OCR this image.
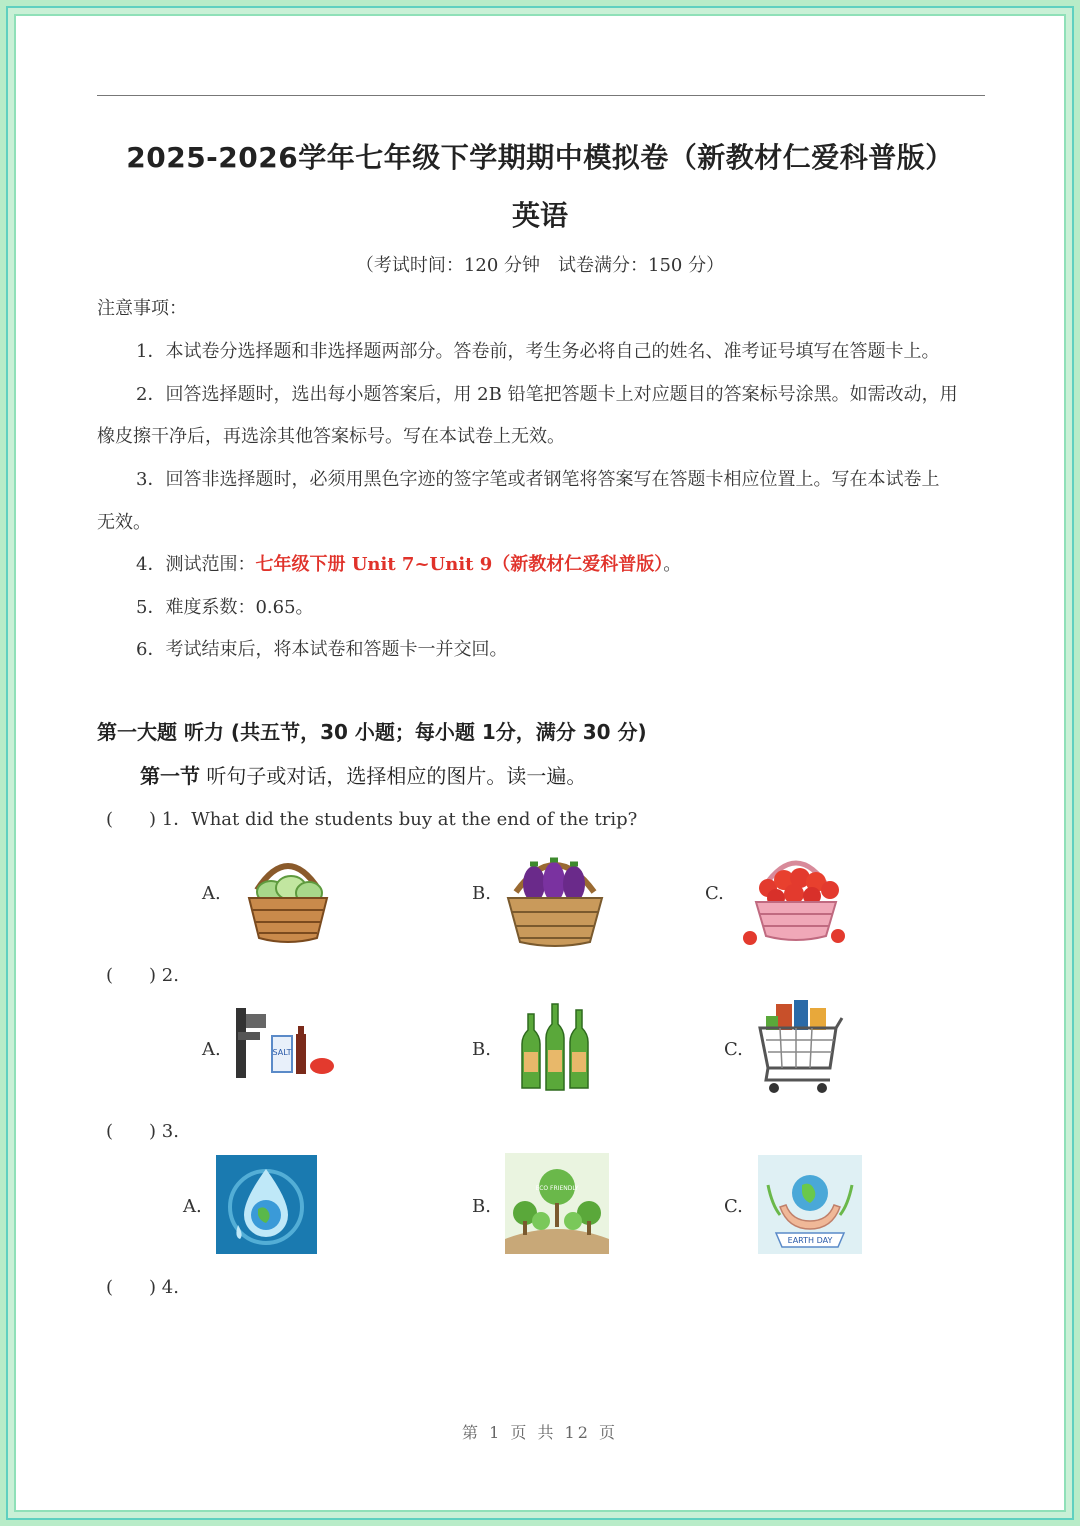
2025-2026学年七年级下学期期中模拟卷（新教材仁爱科普版）
英语
（考试时间：120 分钟　试卷满分：150 分）
注意事项：
1．本试卷分选择题和非选择题两部分。答卷前，考生务必将自己的姓名、准考证号填写在答题卡上。
2．回答选择题时，选出每小题答案后，用 2B 铅笔把答题卡上对应题目的答案标号涂黑。如需改动，用
橡皮擦干净后，再选涂其他答案标号。写在本试卷上无效。
3．回答非选择题时，必须用黑色字迹的签字笔或者钢笔将答案写在答题卡相应位置上。写在本试卷上
无效。
4．测试范围：七年级下册 Unit 7~Unit 9（新教材仁爱科普版）。
5．难度系数：0.65。
6．考试结束后，将本试卷和答题卡一并交回。
第一大题 听力 (共五节，30 小题；每小题 1分，满分 30 分)
第一节 听句子或对话，选择相应的图片。读一遍。
(　　) 1．What did the students buy at the end of the trip?
A.	B.	C.
(　　) 2.
A.	SALT	B.	C.
(　　) 3.
A.	B.
ECO FRIENDLY
C.
EARTH DAY
(　　) 4.
第 1 页 共 12 页
